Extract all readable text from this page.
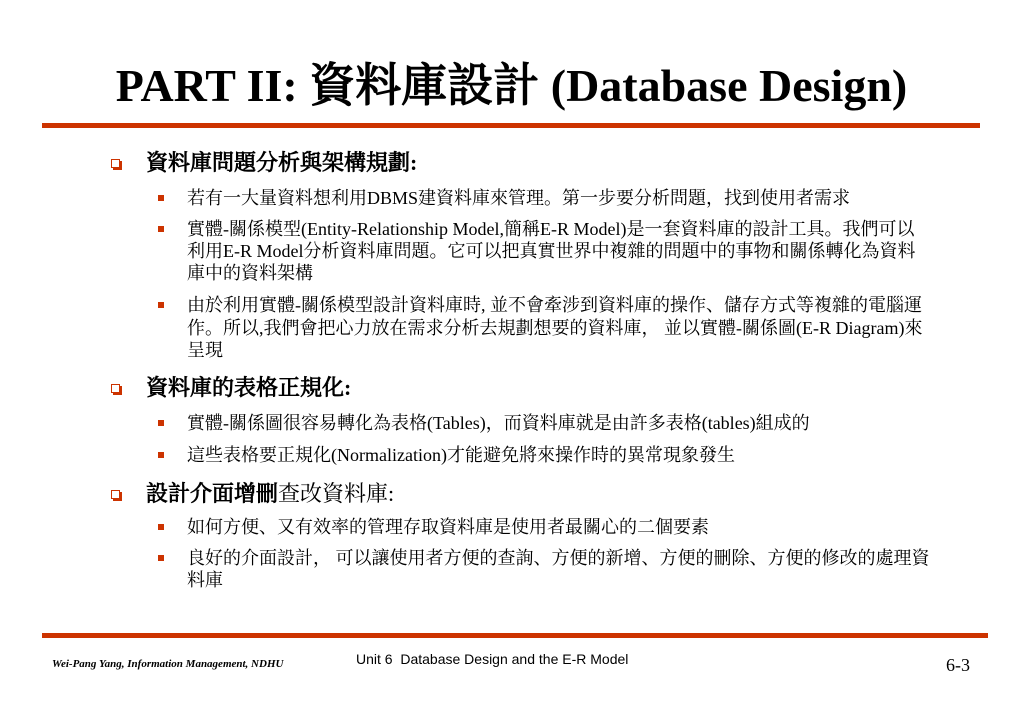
PART II: 資料庫設計 (Database Design)
資料庫問題分析與架構規劃:
若有一大量資料想利用DBMS建資料庫來管理。第一步要分析問題，找到使用者需求
實體-關係模型(Entity-Relationship Model,簡稱E-R Model)是一套資料庫的設計工具。我們可以
利用E-R Model分析資料庫問題。它可以把真實世界中複雜的問題中的事物和關係轉化為資料
庫中的資料架構
由於利用實體-關係模型設計資料庫時, 並不會牽涉到資料庫的操作、儲存方式等複雜的電腦運
作。所以,我們會把心力放在需求分析去規劃想要的資料庫， 並以實體-關係圖(E-R Diagram)來
呈現
資料庫的表格正規化:
實體-關係圖很容易轉化為表格(Tables)，而資料庫就是由許多表格(tables)組成的
這些表格要正規化(Normalization)才能避免將來操作時的異常現象發生
設計介面增刪查改資料庫:
如何方便、又有效率的管理存取資料庫是使用者最關心的二個要素
良好的介面設計， 可以讓使用者方便的查詢、方便的新增、方便的刪除、方便的修改的處理資
料庫
Wei-Pang Yang, Information Management, NDHU	Unit 6  Database Design and the E-R Model	6-3
